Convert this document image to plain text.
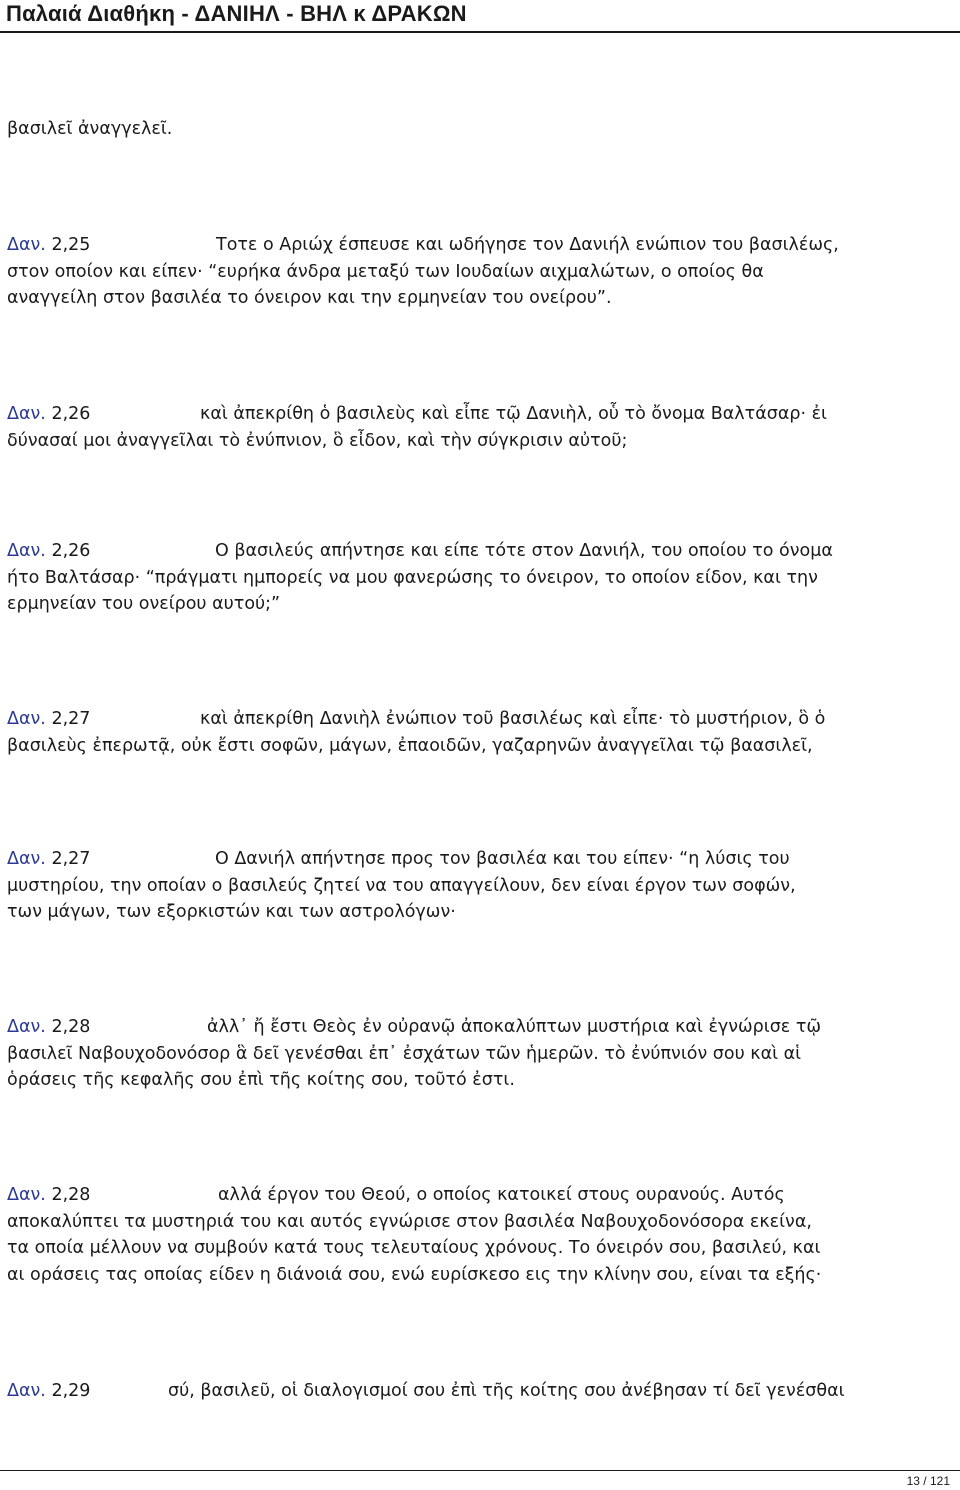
Παλαιά Διαθήκη - ΔΑΝΙΗΛ - ΒΗΛ κ ΔΡΑΚΩΝ
βασιλεῖ ἀναγγελεῖ.
Δαν. 2,25	Τοτε ο Αριώχ έσπευσε και ωδήγησε τον Δανιήλ ενώπιον του βασιλέως,
στον οποίον και είπεν· “ευρήκα άνδρα μεταξύ των Ιουδαίων αιχμαλώτων, ο οποίος θα
αναγγείλη στον βασιλέα το όνειρον και την ερμηνείαν του ονείρου”.
Δαν. 2,26	καὶ ἀπεκρίθη ὁ βασιλεὺς καὶ εἶπε τῷ Δανιὴλ, οὗ τὸ ὄνομα Βαλτάσαρ· ἐι
δύνασαί μοι ἀναγγεῖλαι τὸ ἐνύπνιον, ὃ εἶδον, καὶ τὴν σύγκρισιν αὐτοῦ;
Δαν. 2,26	Ο βασιλεύς απήντησε και είπε τότε στον Δανιήλ, του οποίου το όνομα
ήτο Βαλτάσαρ· “πράγματι ημπορείς να μου φανερώσης το όνειρον, το οποίον είδον, και την
ερμηνείαν του ονείρου αυτού;”
Δαν. 2,27	καὶ ἀπεκρίθη Δανιὴλ ἐνώπιον τοῦ βασιλέως καὶ εἶπε· τὸ μυστήριον, ὃ ὁ
βασιλεὺς ἐπερωτᾷ, οὐκ ἔστι σοφῶν, μάγων, ἐπαοιδῶν, γαζαρηνῶν ἀναγγεῖλαι τῷ βαασιλεῖ,
Δαν. 2,27	Ο Δανιήλ απήντησε προς τον βασιλέα και του είπεν· “η λύσις του
μυστηρίου, την οποίαν ο βασιλεύς ζητεί να του απαγγείλουν, δεν είναι έργον των σοφών,
των μάγων, των εξορκιστών και των αστρολόγων·
Δαν. 2,28	ἀλλ᾿ ἤ ἔστι Θεὸς ἐν οὐρανῷ ἀποκαλύπτων μυστήρια καὶ ἐγνώρισε τῷ
βασιλεῖ Ναβουχοδονόσορ ἃ δεῖ γενέσθαι ἐπ᾿ ἐσχάτων τῶν ἡμερῶν. τὸ ἐνύπνιόν σου καὶ αἱ
ὁράσεις τῆς κεφαλῆς σου ἐπὶ τῆς κοίτης σου, τοῦτό ἐστι.
Δαν. 2,28	αλλά έργον του Θεού, ο οποίος κατοικεί στους ουρανούς. Αυτός
αποκαλύπτει τα μυστηριά του και αυτός εγνώρισε στον βασιλέα Ναβουχοδονόσορα εκείνα,
τα οποία μέλλουν να συμβούν κατά τους τελευταίους χρόνους. Το όνειρόν σου, βασιλεύ, και
αι οράσεις τας οποίας είδεν η διάνοιά σου, ενώ ευρίσκεσο εις την κλίνην σου, είναι τα εξής·
Δαν. 2,29	σύ, βασιλεῦ, οἱ διαλογισμοί σου ἐπὶ τῆς κοίτης σου ἀνέβησαν τί δεῖ γενέσθαι
13 / 121
